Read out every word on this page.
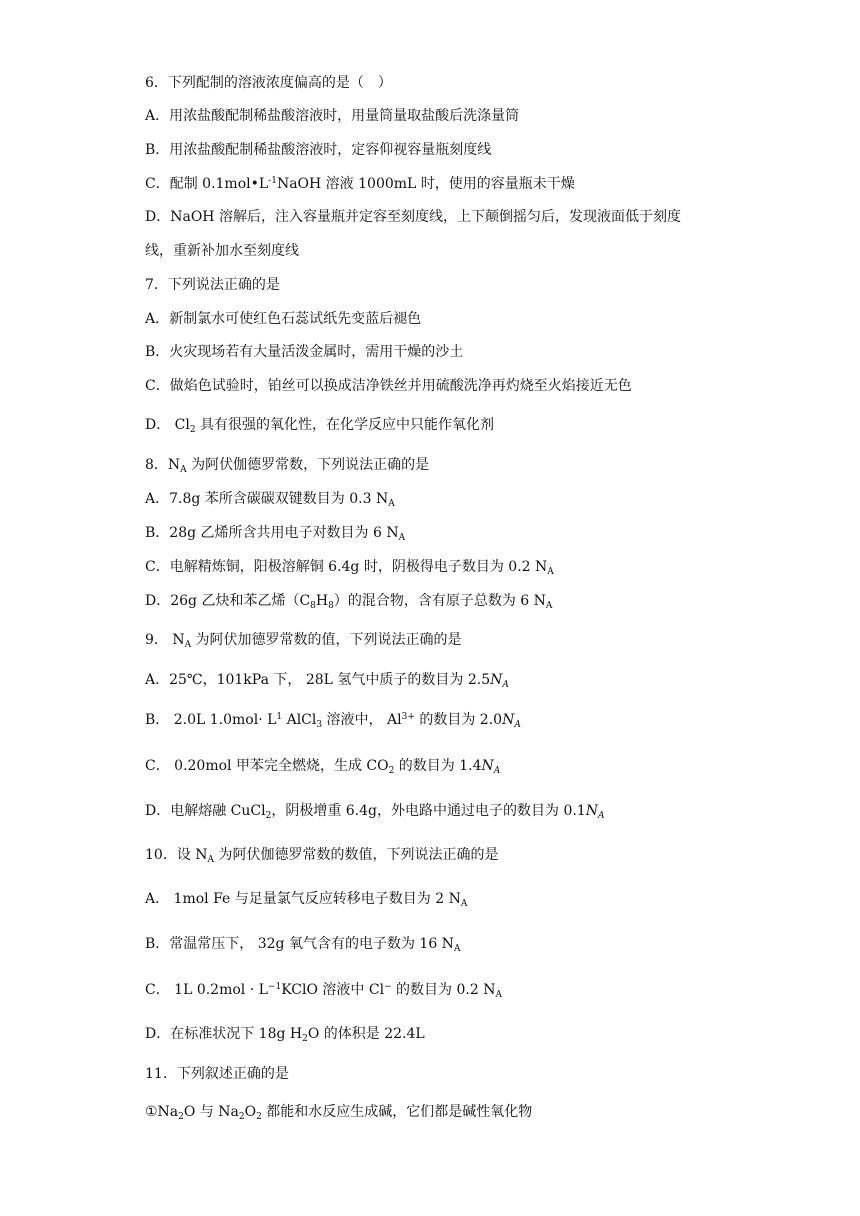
6．下列配制的溶液浓度偏高的是（　）
A．用浓盐酸配制稀盐酸溶液时，用量筒量取盐酸后洗涤量筒
B．用浓盐酸配制稀盐酸溶液时，定容仰视容量瓶刻度线
C．配制 $0.1mol•L^{-1}NaOH$ 溶液 1000mL 时，使用的容量瓶未干燥
D．NaOH 溶解后，注入容量瓶并定容至刻度线，上下颠倒摇匀后，发现液面低于刻度
线，重新补加水至刻度线
7．下列说法正确的是
A．新制氯水可使红色石蕊试纸先变蓝后褪色
B．火灾现场若有大量活泼金属时，需用干燥的沙土
C．做焰色试验时，铂丝可以换成洁净铁丝并用硫酸洗净再灼烧至火焰接近无色
D． $Cl_2$ 具有很强的氧化性，在化学反应中只能作氧化剂
8．$N_A$ 为阿伏伽德罗常数，下列说法正确的是
A．7.8g 苯所含碳碳双键数目为 0.3 $N_A$
B．28g 乙烯所含共用电子对数目为 6 $N_A$
C．电解精炼铜，阳极溶解铜 6.4g 时，阴极得电子数目为 0.2 $N_A$
D．26g 乙炔和苯乙烯$(C_8H_8)$的混合物，含有原子总数为 6 $N_A$
9． $N_A$ 为阿伏加德罗常数的值，下列说法正确的是
A．25℃，101kPa 下， 28L 氢气中质子的数目为 $2.5N_A$
B． 2.0L $1.0mol\cdot L^1$ AlCl$_3$ 溶液中， $Al^{3+}$ 的数目为 $2.0N_A$
C． 0.20mol 甲苯完全燃烧，生成 $CO_2$ 的数目为 $1.4N_A$
D．电解熔融 CuCl$_2$，阴极增重 6.4g，外电路中通过电子的数目为 $0.1N_A$
10．设 $N_A$ 为阿伏伽德罗常数的数值，下列说法正确的是
A． 1mol Fe 与足量氯气反应转移电子数目为 2 $N_A$
B．常温常压下， 32g 氧气含有的电子数为 16 $N_A$
C． 1L $0.2mol \cdot L^{-1}KClO$ 溶液中 Cl− 的数目为 0.2 $N_A$
D．在标准状况下 18g $H_2O$ 的体积是 22.4L
11．下列叙述正确的是
$①Na_2O$ 与 $Na_2O_2$ 都能和水反应生成碱，它们都是碱性氧化物
